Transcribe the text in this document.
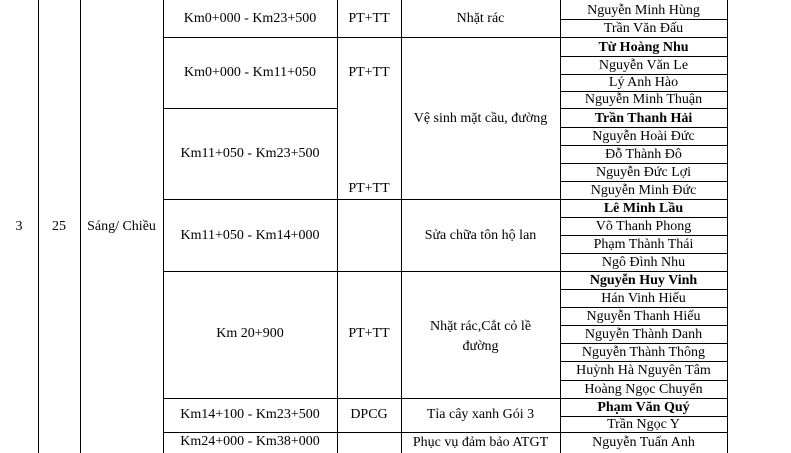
3	25	Sáng/ Chiều
Km0+000 - Km23+500
Km0+000 - Km11+050
Km11+050 - Km23+500
Km11+050 - Km14+000
Km 20+900
Km14+100 - Km23+500
Km24+000 - Km38+000
PT+TT
PT+TT
PT+TT
PT+TT
DPCG
Nhặt rác
Vệ sinh mặt cầu, đường
Sửa chữa tôn hộ lan
Nhặt rác,Cắt cỏ lề đường
Tỉa cây xanh Gói 3
Phục vụ đảm bảo ATGT
Nguyễn Minh Hùng
Trần Văn Đấu
Từ Hoàng Nhu
Nguyễn Văn Le
Lý Anh Hào
Nguyễn Minh Thuận
Trần Thanh Hải
Nguyễn Hoài Đức
Đỗ Thành Đô
Nguyễn Đức Lợi
Nguyễn Minh Đức
Lê Minh Lầu
Võ Thanh Phong
Phạm Thành Thái
Ngô Đình Nhu
Nguyễn Huy Vinh
Hán Vinh Hiếu
Nguyễn Thanh Hiếu
Nguyễn Thành Danh
Nguyễn Thành Thông
Huỳnh Hà Nguyên Tâm
Hoàng Ngọc Chuyển
Phạm Văn Quý
Trần Ngọc Y
Nguyễn Tuấn Anh
